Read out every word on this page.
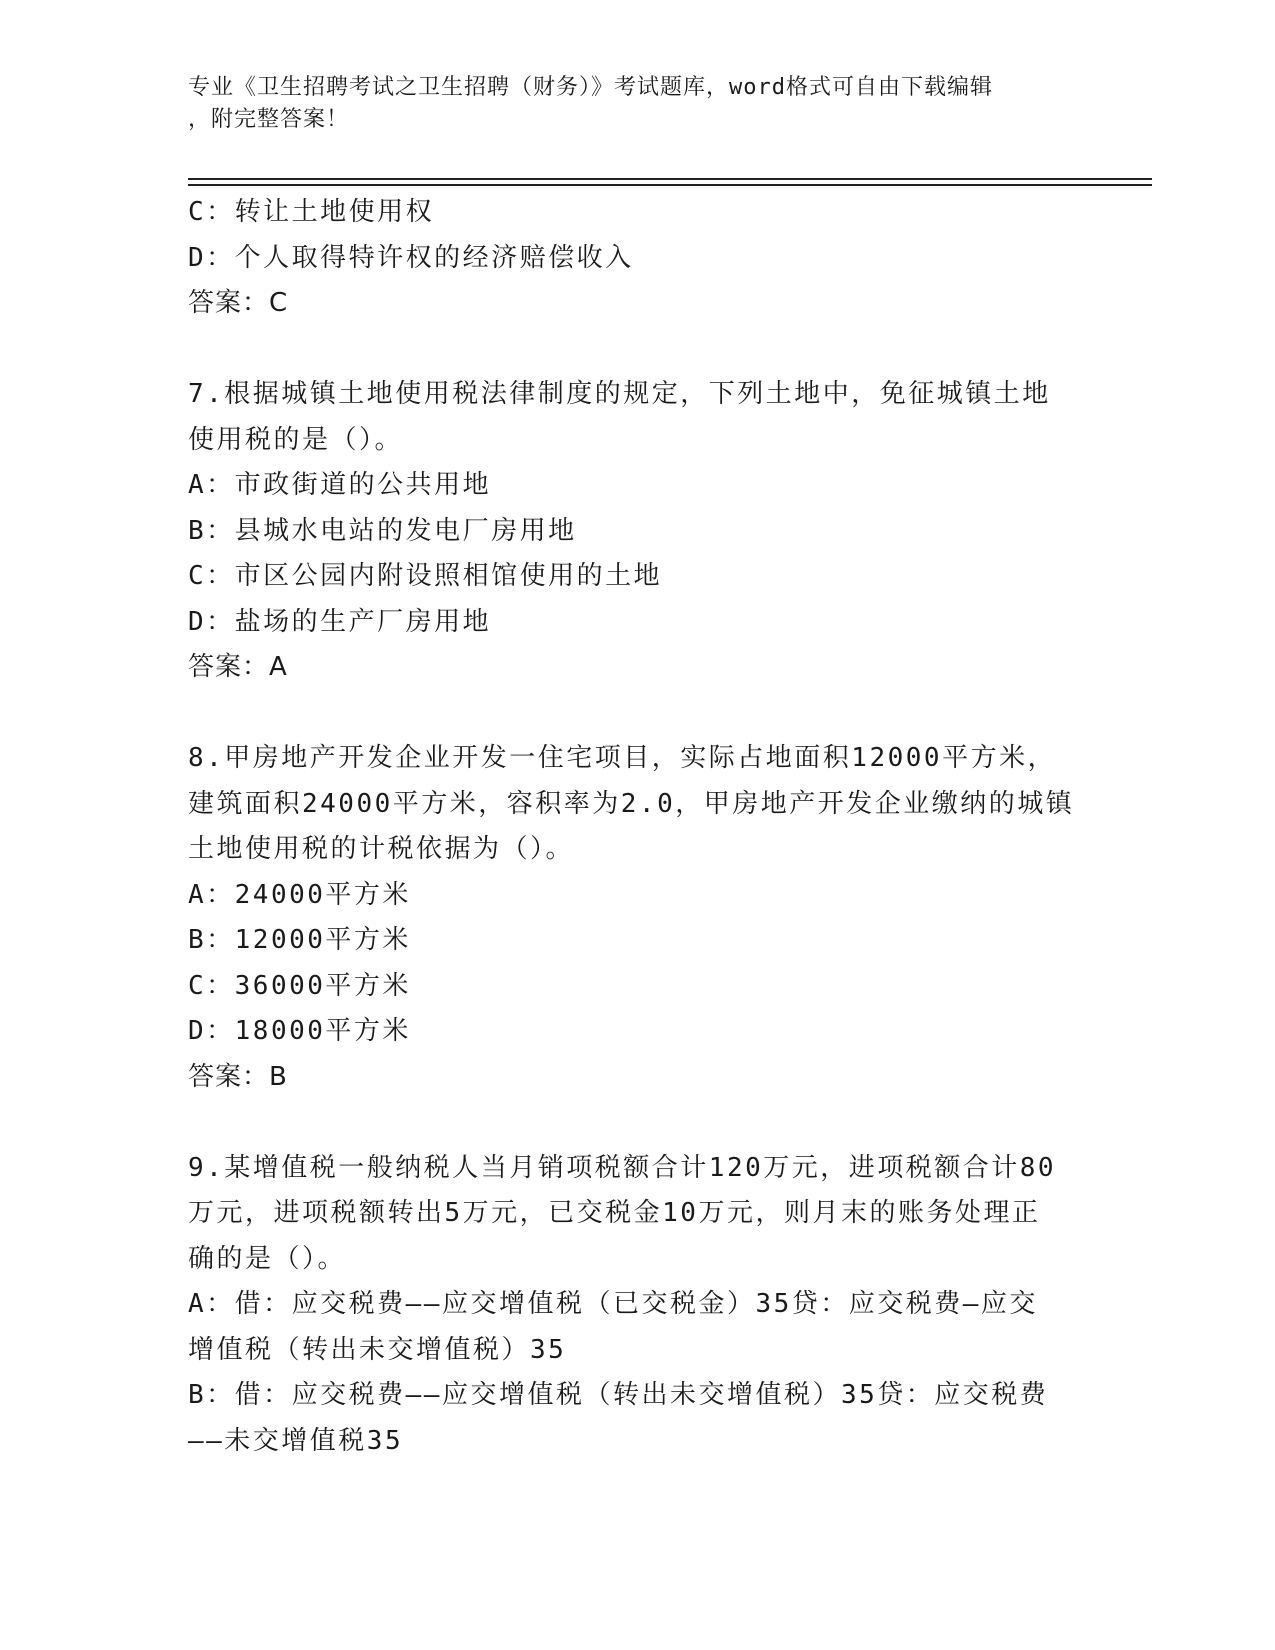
专业《卫生招聘考试之卫生招聘（财务）》考试题库，word格式可自由下载编辑
，附完整答案！
C：转让土地使用权
D：个人取得特许权的经济赔偿收入
答案：C
7.根据城镇土地使用税法律制度的规定，下列土地中，免征城镇土地
使用税的是（）。
A：市政街道的公共用地
B：县城水电站的发电厂房用地
C：市区公园内附设照相馆使用的土地
D：盐场的生产厂房用地
答案：A
8.甲房地产开发企业开发一住宅项目，实际占地面积12000平方米，
建筑面积24000平方米，容积率为2.0，甲房地产开发企业缴纳的城镇
土地使用税的计税依据为（）。
A：24000平方米
B：12000平方米
C：36000平方米
D：18000平方米
答案：B
9.某增值税一般纳税人当月销项税额合计120万元，进项税额合计80
万元，进项税额转出5万元，已交税金10万元，则月末的账务处理正
确的是（）。
A：借：应交税费——应交增值税（已交税金）35贷：应交税费—应交
增值税（转出未交增值税）35
B：借：应交税费——应交增值税（转出未交增值税）35贷：应交税费
——未交增值税35
